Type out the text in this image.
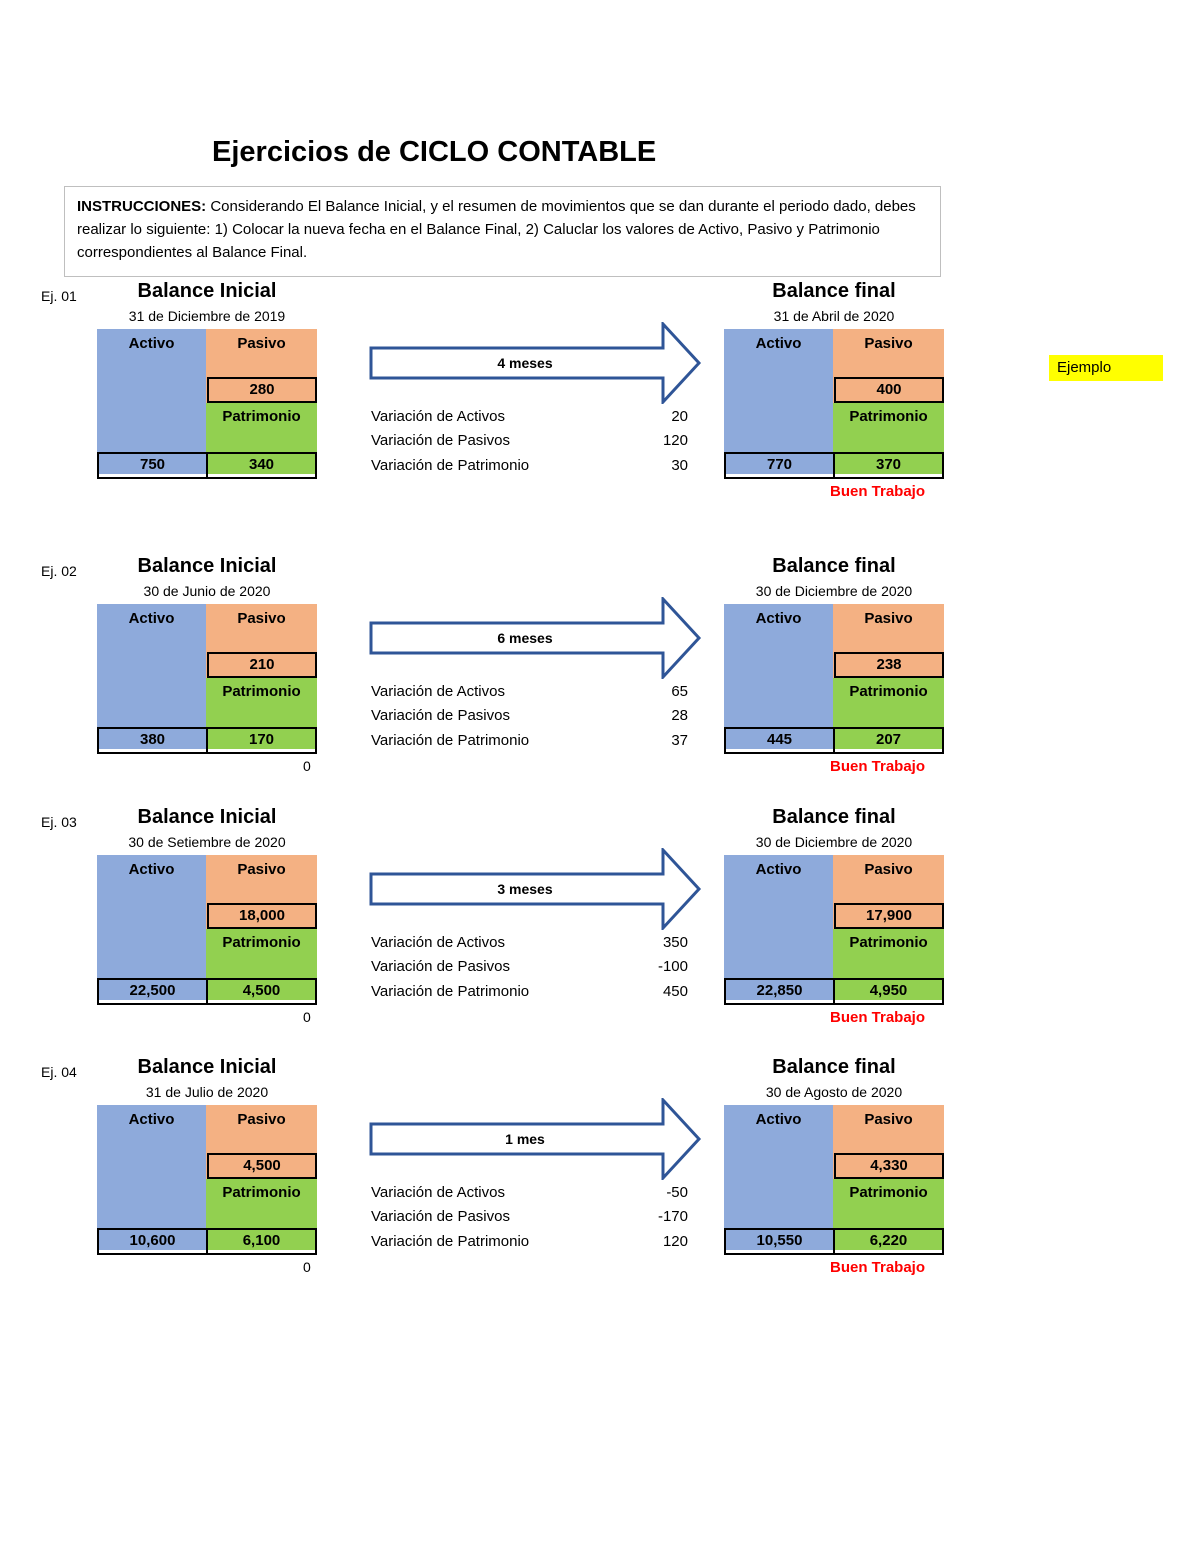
Ejercicios de CICLO CONTABLE
INSTRUCCIONES: Considerando El Balance Inicial, y el resumen de movimientos que se dan durante el periodo dado, debes realizar lo siguiente: 1) Colocar la nueva fecha en el Balance Final, 2) Caluclar los valores de Activo, Pasivo y Patrimonio correspondientes al Balance Final.
Ejemplo
Ej. 01	Balance Inicial
31 de Diciembre de 2019
Activo	Pasivo
280
Patrimonio
750	340
4 meses
Variación de Activos	20
Variación de Pasivos	120
Variación de Patrimonio	30
Balance final
31 de Abril de 2020
Activo	Pasivo
400
Patrimonio
770	370
Buen Trabajo
Ej. 02	Balance Inicial
30 de Junio de 2020
Activo	Pasivo
210
Patrimonio
380	170
0
6 meses
Variación de Activos	65
Variación de Pasivos	28
Variación de Patrimonio	37
Balance final
30 de Diciembre de 2020
Activo	Pasivo
238
Patrimonio
445	207
Buen Trabajo
Ej. 03	Balance Inicial
30 de Setiembre de 2020
Activo	Pasivo
18,000
Patrimonio
22,500	4,500
0
3 meses
Variación de Activos	350
Variación de Pasivos	-100
Variación de Patrimonio	450
Balance final
30 de Diciembre de 2020
Activo	Pasivo
17,900
Patrimonio
22,850	4,950
Buen Trabajo
Ej. 04	Balance Inicial
31 de Julio de 2020
Activo	Pasivo
4,500
Patrimonio
10,600	6,100
0
1 mes
Variación de Activos	-50
Variación de Pasivos	-170
Variación de Patrimonio	120
Balance final
30 de Agosto de 2020
Activo	Pasivo
4,330
Patrimonio
10,550	6,220
Buen Trabajo
